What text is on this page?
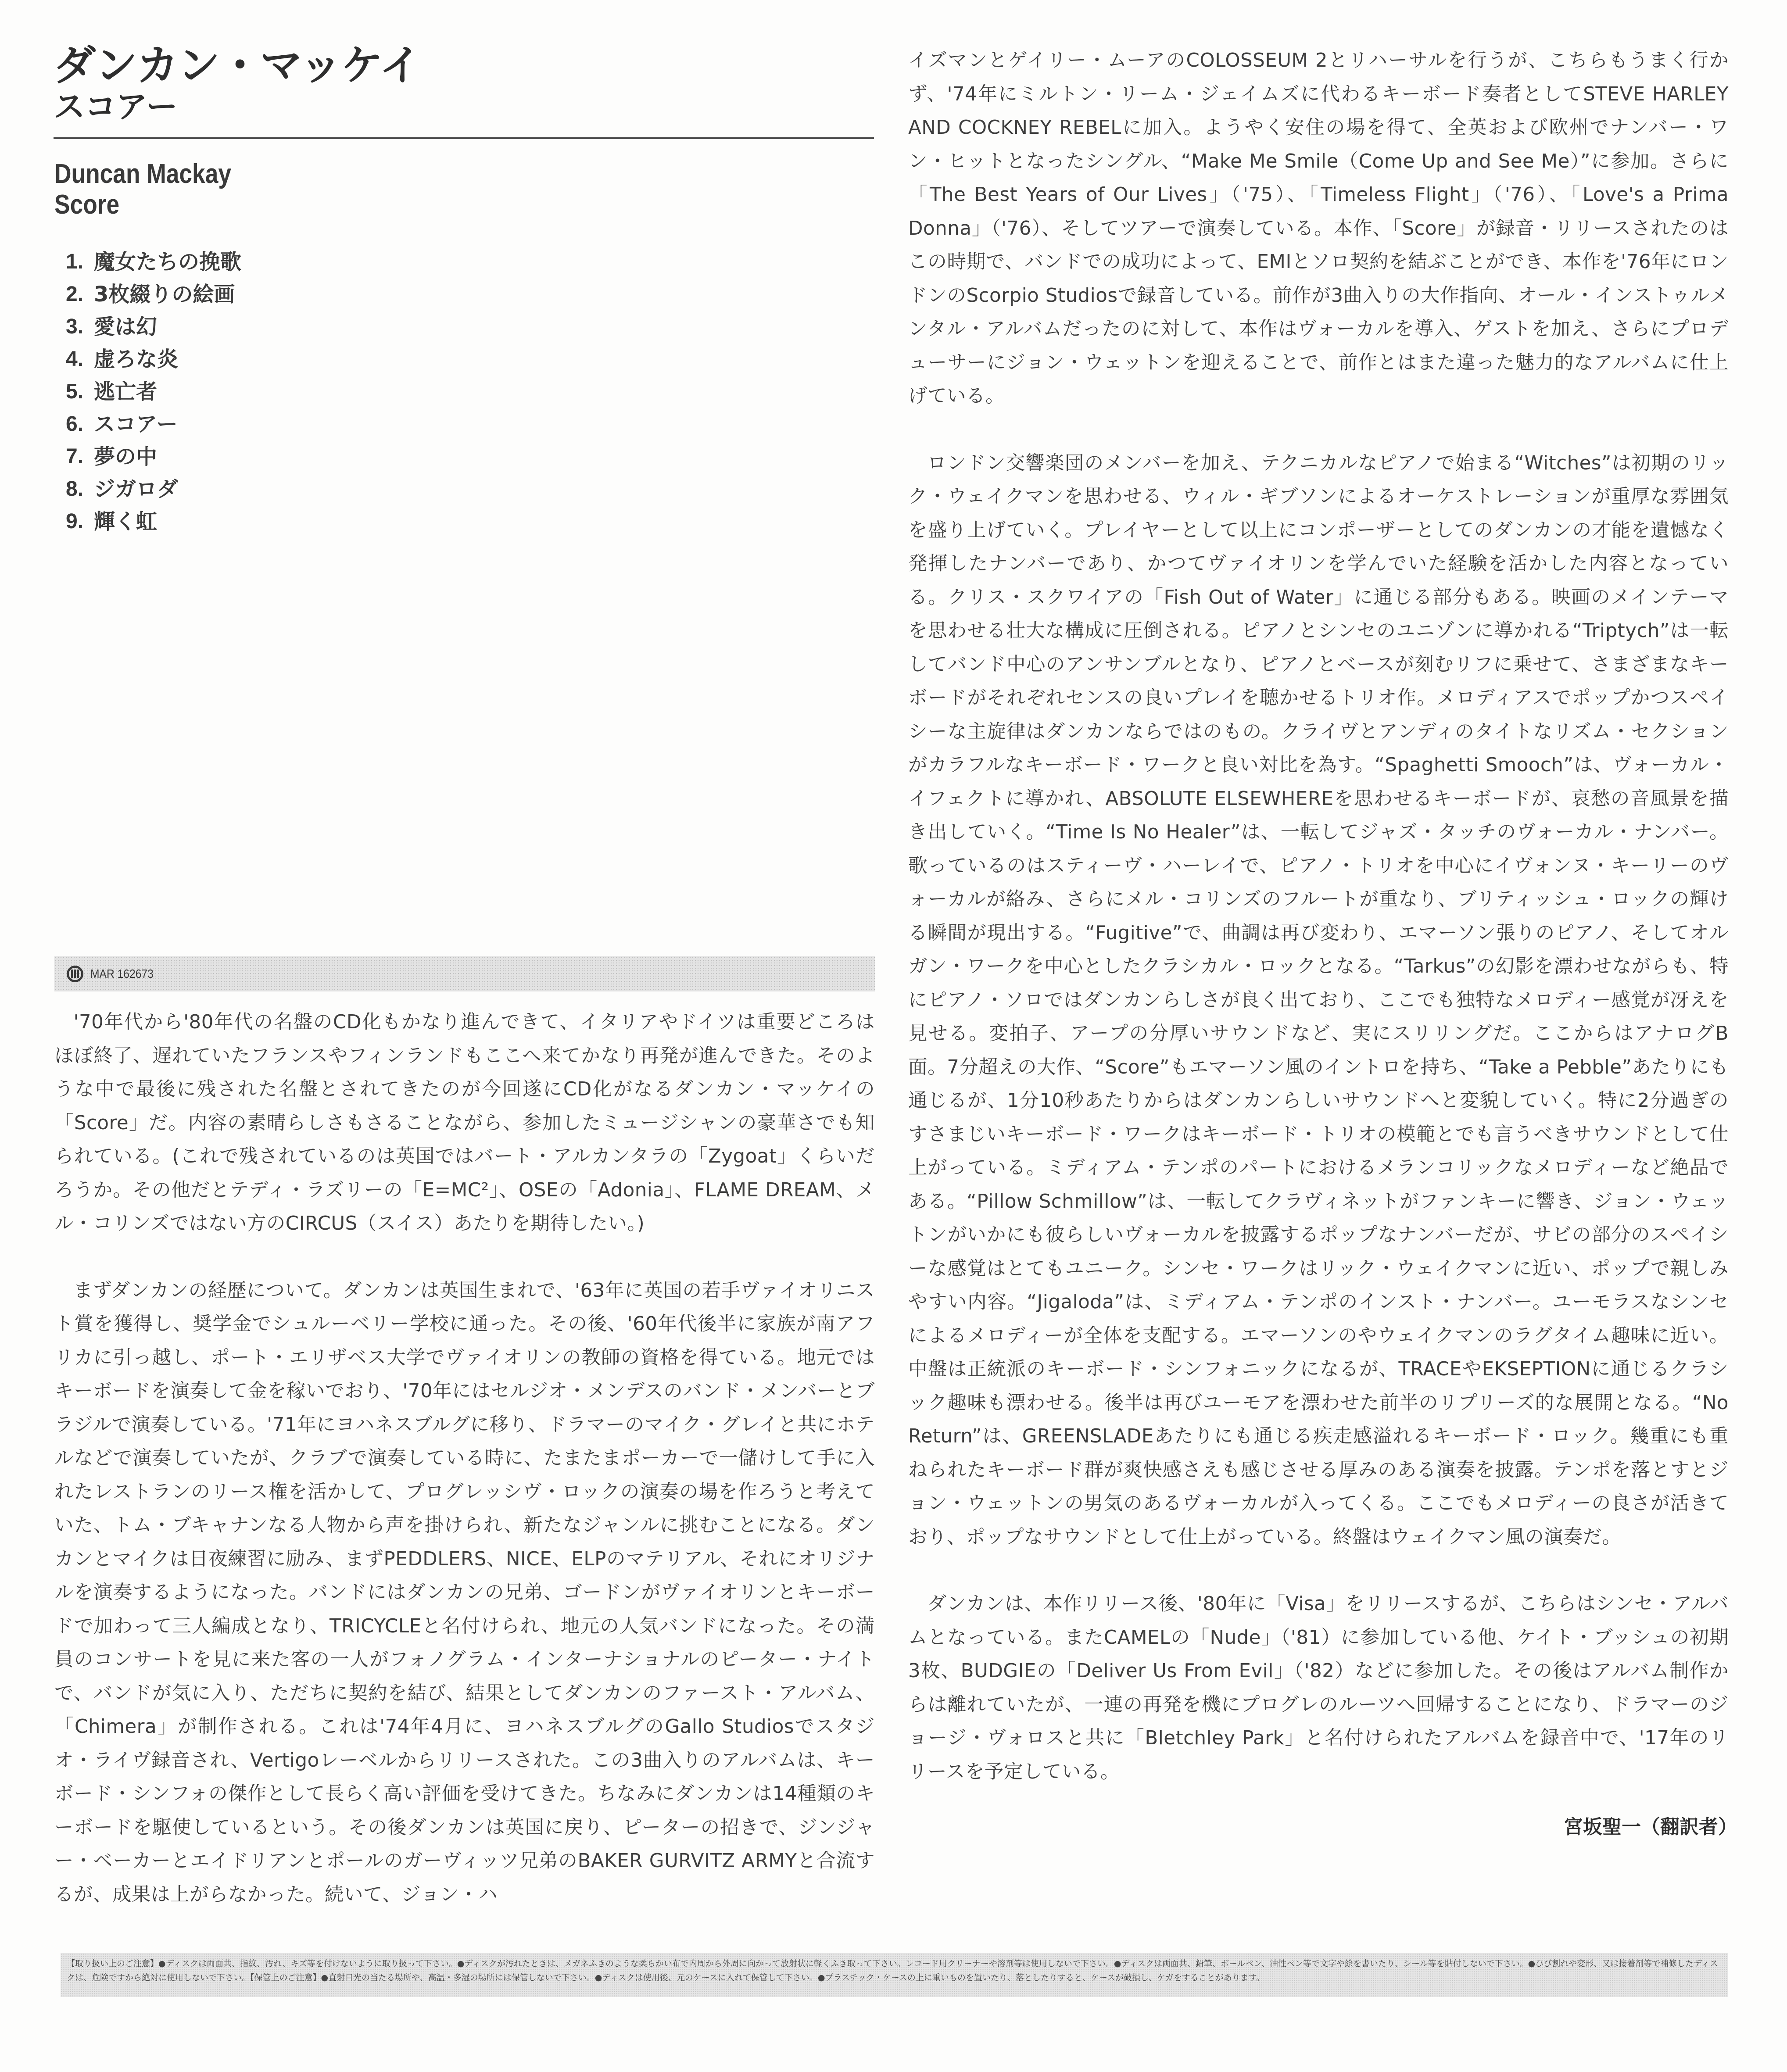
ダンカン・マッケイ
スコアー
Duncan Mackay
Score
1. 魔女たちの挽歌
2. 3枚綴りの絵画
3. 愛は幻
4. 虚ろな炎
5. 逃亡者
6. スコアー
7. 夢の中
8. ジガロダ
9. 輝く虹
MAR 162673

'70年代から'80年代の名盤のCD化もかなり進んできて、イタリアやドイツは重要どころはほぼ終了、遅れていたフランスやフィンランドもここへ来てかなり再発が進んできた。そのような中で最後に残された名盤とされてきたのが今回遂にCD化がなるダンカン・マッケイの「Score」だ。内容の素晴らしさもさることながら、参加したミュージシャンの豪華さでも知られている。(これで残されているのは英国ではバート・アルカンタラの「Zygoat」くらいだろうか。その他だとテディ・ラズリーの「E=MC²」、OSEの「Adonia」、FLAME DREAM、メル・コリンズではない方のCIRCUS（スイス）あたりを期待したい。)

まずダンカンの経歴について。ダンカンは英国生まれで、'63年に英国の若手ヴァイオリニスト賞を獲得し、奨学金でシュルーベリー学校に通った。その後、'60年代後半に家族が南アフリカに引っ越し、ポート・エリザベス大学でヴァイオリンの教師の資格を得ている。地元ではキーボードを演奏して金を稼いでおり、'70年にはセルジオ・メンデスのバンド・メンバーとブラジルで演奏している。'71年にヨハネスブルグに移り、ドラマーのマイク・グレイと共にホテルなどで演奏していたが、クラブで演奏している時に、たまたまポーカーで一儲けして手に入れたレストランのリース権を活かして、プログレッシヴ・ロックの演奏の場を作ろうと考えていた、トム・ブキャナンなる人物から声を掛けられ、新たなジャンルに挑むことになる。ダンカンとマイクは日夜練習に励み、まずPEDDLERS、NICE、ELPのマテリアル、それにオリジナルを演奏するようになった。バンドにはダンカンの兄弟、ゴードンがヴァイオリンとキーボードで加わって三人編成となり、TRICYCLEと名付けられ、地元の人気バンドになった。その満員のコンサートを見に来た客の一人がフォノグラム・インターナショナルのピーター・ナイトで、バンドが気に入り、ただちに契約を結び、結果としてダンカンのファースト・アルバム、「Chimera」が制作される。これは'74年4月に、ヨハネスブルグのGallo Studiosでスタジオ・ライヴ録音され、Vertigoレーベルからリリースされた。この3曲入りのアルバムは、キーボード・シンフォの傑作として長らく高い評価を受けてきた。ちなみにダンカンは14種類のキーボードを駆使しているという。その後ダンカンは英国に戻り、ピーターの招きで、ジンジャー・ベーカーとエイドリアンとポールのガーヴィッツ兄弟のBAKER GURVITZ ARMYと合流するが、成果は上がらなかった。続いて、ジョン・ハ

イズマンとゲイリー・ムーアのCOLOSSEUM 2とリハーサルを行うが、こちらもうまく行かず、'74年にミルトン・リーム・ジェイムズに代わるキーボード奏者としてSTEVE HARLEY AND COCKNEY REBELに加入。ようやく安住の場を得て、全英および欧州でナンバー・ワン・ヒットとなったシングル、“Make Me Smile（Come Up and See Me）”に参加。さらに「The Best Years of Our Lives」（'75）、「Timeless Flight」（'76）、「Love's a Prima Donna」（'76）、そしてツアーで演奏している。本作、「Score」が録音・リリースされたのはこの時期で、バンドでの成功によって、EMIとソロ契約を結ぶことができ、本作を'76年にロンドンのScorpio Studiosで録音している。前作が3曲入りの大作指向、オール・インストゥルメンタル・アルバムだったのに対して、本作はヴォーカルを導入、ゲストを加え、さらにプロデューサーにジョン・ウェットンを迎えることで、前作とはまた違った魅力的なアルバムに仕上げている。

ロンドン交響楽団のメンバーを加え、テクニカルなピアノで始まる“Witches”は初期のリック・ウェイクマンを思わせる、ウィル・ギブソンによるオーケストレーションが重厚な雰囲気を盛り上げていく。プレイヤーとして以上にコンポーザーとしてのダンカンの才能を遺憾なく発揮したナンバーであり、かつてヴァイオリンを学んでいた経験を活かした内容となっている。クリス・スクワイアの「Fish Out of Water」に通じる部分もある。映画のメインテーマを思わせる壮大な構成に圧倒される。ピアノとシンセのユニゾンに導かれる“Triptych”は一転してバンド中心のアンサンブルとなり、ピアノとベースが刻むリフに乗せて、さまざまなキーボードがそれぞれセンスの良いプレイを聴かせるトリオ作。メロディアスでポップかつスペイシーな主旋律はダンカンならではのもの。クライヴとアンディのタイトなリズム・セクションがカラフルなキーボード・ワークと良い対比を為す。“Spaghetti Smooch”は、ヴォーカル・イフェクトに導かれ、ABSOLUTE ELSEWHEREを思わせるキーボードが、哀愁の音風景を描き出していく。“Time Is No Healer”は、一転してジャズ・タッチのヴォーカル・ナンバー。歌っているのはスティーヴ・ハーレイで、ピアノ・トリオを中心にイヴォンヌ・キーリーのヴォーカルが絡み、さらにメル・コリンズのフルートが重なり、ブリティッシュ・ロックの輝ける瞬間が現出する。“Fugitive”で、曲調は再び変わり、エマーソン張りのピアノ、そしてオルガン・ワークを中心としたクラシカル・ロックとなる。“Tarkus”の幻影を漂わせながらも、特にピアノ・ソロではダンカンらしさが良く出ており、ここでも独特なメロディー感覚が冴えを見せる。変拍子、アープの分厚いサウンドなど、実にスリリングだ。ここからはアナログB面。7分超えの大作、“Score”もエマーソン風のイントロを持ち、“Take a Pebble”あたりにも通じるが、1分10秒あたりからはダンカンらしいサウンドへと変貌していく。特に2分過ぎのすさまじいキーボード・ワークはキーボード・トリオの模範とでも言うべきサウンドとして仕上がっている。ミディアム・テンポのパートにおけるメランコリックなメロディーなど絶品である。“Pillow Schmillow”は、一転してクラヴィネットがファンキーに響き、ジョン・ウェットンがいかにも彼らしいヴォーカルを披露するポップなナンバーだが、サビの部分のスペイシーな感覚はとてもユニーク。シンセ・ワークはリック・ウェイクマンに近い、ポップで親しみやすい内容。“Jigaloda”は、ミディアム・テンポのインスト・ナンバー。ユーモラスなシンセによるメロディーが全体を支配する。エマーソンのやウェイクマンのラグタイム趣味に近い。中盤は正統派のキーボード・シンフォニックになるが、TRACEやEKSEPTIONに通じるクラシック趣味も漂わせる。後半は再びユーモアを漂わせた前半のリプリーズ的な展開となる。“No Return”は、GREENSLADEあたりにも通じる疾走感溢れるキーボード・ロック。幾重にも重ねられたキーボード群が爽快感さえも感じさせる厚みのある演奏を披露。テンポを落とすとジョン・ウェットンの男気のあるヴォーカルが入ってくる。ここでもメロディーの良さが活きており、ポップなサウンドとして仕上がっている。終盤はウェイクマン風の演奏だ。

ダンカンは、本作リリース後、'80年に「Visa」をリリースするが、こちらはシンセ・アルバムとなっている。またCAMELの「Nude」（'81）に参加している他、ケイト・ブッシュの初期3枚、BUDGIEの「Deliver Us From Evil」（'82）などに参加した。その後はアルバム制作からは離れていたが、一連の再発を機にプログレのルーツへ回帰することになり、ドラマーのジョージ・ヴォロスと共に「Bletchley Park」と名付けられたアルバムを録音中で、'17年のリリースを予定している。

宮坂聖一（翻訳者）

【取り扱い上のご注意】●ディスクは両面共、指紋、汚れ、キズ等を付けないように取り扱って下さい。●ディスクが汚れたときは、メガネふきのような柔らかい布で内周から外周に向かって放射状に軽くふき取って下さい。レコード用クリーナーや溶剤等は使用しないで下さい。●ディスクは両面共、鉛筆、ボールペン、油性ペン等で文字や絵を書いたり、シール等を貼付しないで下さい。●ひび割れや変形、又は接着剤等で補修したディスクは、危険ですから絶対に使用しないで下さい。【保管上のご注意】●直射日光の当たる場所や、高温・多湿の場所には保管しないで下さい。●ディスクは使用後、元のケースに入れて保管して下さい。●プラスチック・ケースの上に重いものを置いたり、落としたりすると、ケースが破損し、ケガをすることがあります。
